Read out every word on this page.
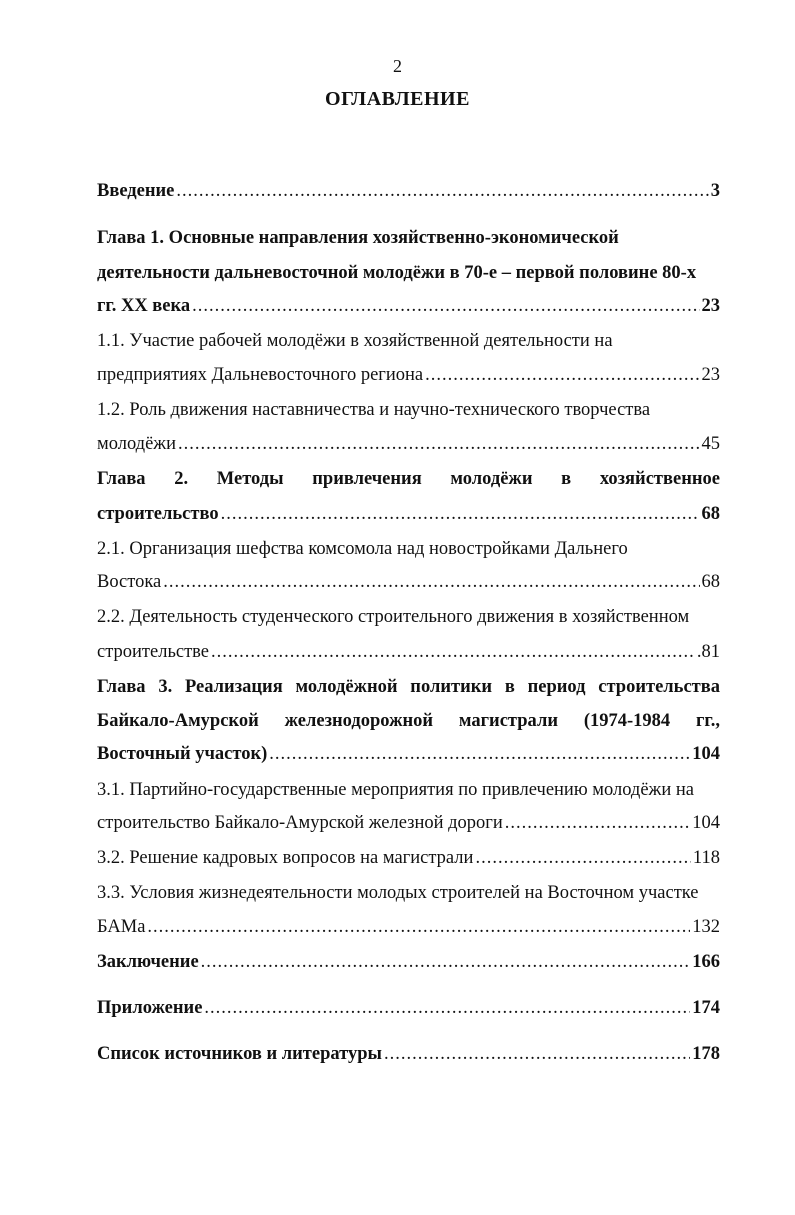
2
ОГЛАВЛЕНИЕ
Введение .....	3
Глава 1. Основные направления хозяйственно-экономической
деятельности дальневосточной молодёжи в 70-е – первой половине 80-х
гг. XX века .....	23
1.1. Участие рабочей молодёжи в хозяйственной деятельности на
предприятиях Дальневосточного региона .....	23
1.2. Роль движения наставничества и научно-технического творчества
молодёжи .....	45
Глава 2. Методы привлечения молодёжи в хозяйственное
строительство .....	68
2.1. Организация шефства комсомола над новостройками Дальнего
Востока .....	68
2.2. Деятельность студенческого строительного движения в хозяйственном
строительстве .....	.81
Глава 3. Реализация молодёжной политики в период строительства
Байкало-Амурской железнодорожной магистрали (1974-1984 гг.,
Восточный участок) .....	104
3.1. Партийно-государственные мероприятия по привлечению молодёжи на
строительство Байкало-Амурской железной дороги .....	104
3.2. Решение кадровых вопросов на магистрали .....	118
3.3. Условия жизнедеятельности молодых строителей на Восточном участке
БАМа .....	132
Заключение .....	166
Приложение .....	174
Список источников и литературы .....	178
